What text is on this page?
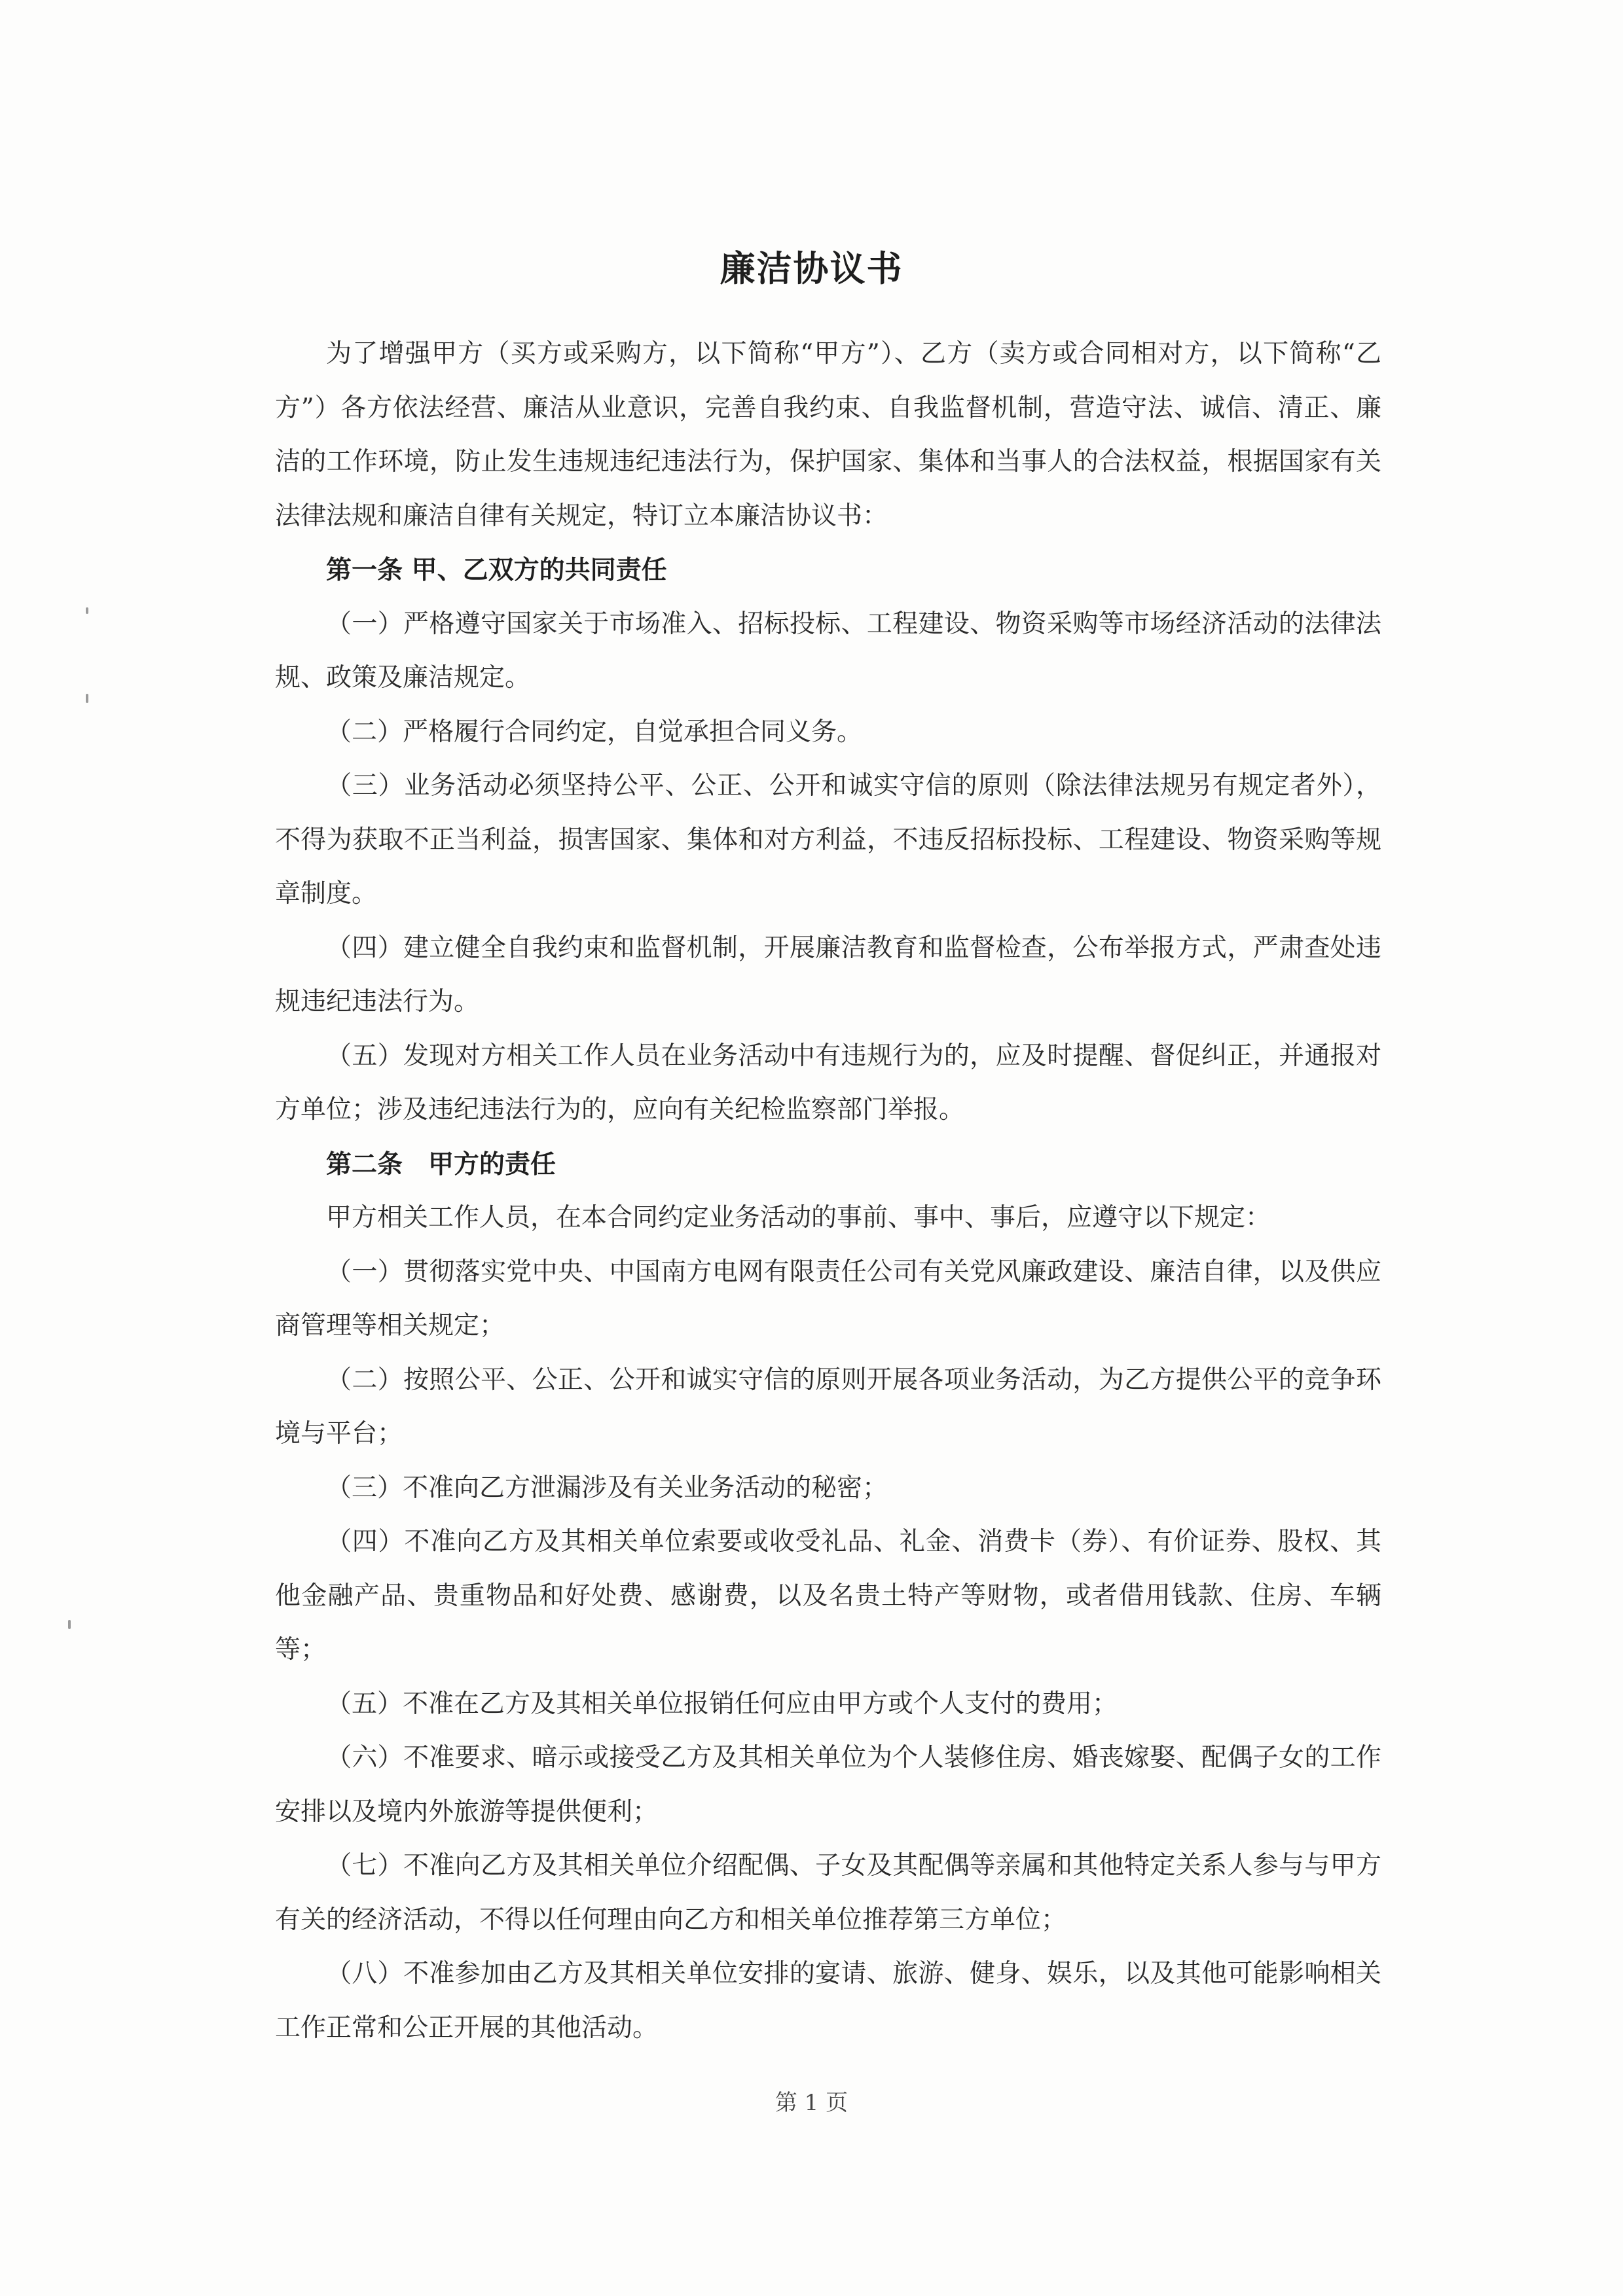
廉洁协议书

为了增强甲方（买方或采购方，以下简称“甲方”）、乙方（卖方或合同相对方，以下简称“乙方”）各方依法经营、廉洁从业意识，完善自我约束、自我监督机制，营造守法、诚信、清正、廉洁的工作环境，防止发生违规违纪违法行为，保护国家、集体和当事人的合法权益，根据国家有关法律法规和廉洁自律有关规定，特订立本廉洁协议书：

第一条 甲、乙双方的共同责任

（一）严格遵守国家关于市场准入、招标投标、工程建设、物资采购等市场经济活动的法律法规、政策及廉洁规定。

（二）严格履行合同约定，自觉承担合同义务。

（三）业务活动必须坚持公平、公正、公开和诚实守信的原则（除法律法规另有规定者外），不得为获取不正当利益，损害国家、集体和对方利益，不违反招标投标、工程建设、物资采购等规章制度。

（四）建立健全自我约束和监督机制，开展廉洁教育和监督检查，公布举报方式，严肃查处违规违纪违法行为。

（五）发现对方相关工作人员在业务活动中有违规行为的，应及时提醒、督促纠正，并通报对方单位；涉及违纪违法行为的，应向有关纪检监察部门举报。

第二条　甲方的责任

甲方相关工作人员，在本合同约定业务活动的事前、事中、事后，应遵守以下规定：

（一）贯彻落实党中央、中国南方电网有限责任公司有关党风廉政建设、廉洁自律，以及供应商管理等相关规定；

（二）按照公平、公正、公开和诚实守信的原则开展各项业务活动，为乙方提供公平的竞争环境与平台；

（三）不准向乙方泄漏涉及有关业务活动的秘密；

（四）不准向乙方及其相关单位索要或收受礼品、礼金、消费卡（券）、有价证券、股权、其他金融产品、贵重物品和好处费、感谢费，以及名贵土特产等财物，或者借用钱款、住房、车辆等；

（五）不准在乙方及其相关单位报销任何应由甲方或个人支付的费用；

（六）不准要求、暗示或接受乙方及其相关单位为个人装修住房、婚丧嫁娶、配偶子女的工作安排以及境内外旅游等提供便利；

（七）不准向乙方及其相关单位介绍配偶、子女及其配偶等亲属和其他特定关系人参与与甲方有关的经济活动，不得以任何理由向乙方和相关单位推荐第三方单位；

（八）不准参加由乙方及其相关单位安排的宴请、旅游、健身、娱乐，以及其他可能影响相关工作正常和公正开展的其他活动。

第 1 页
